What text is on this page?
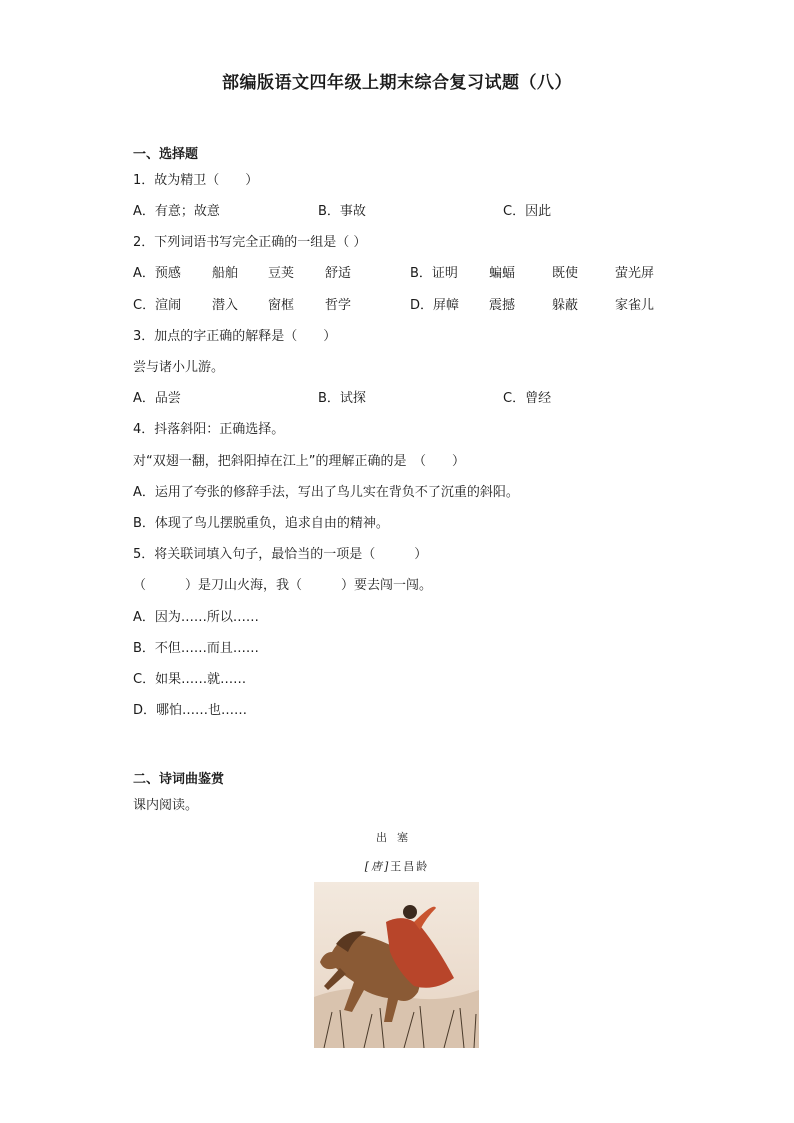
部编版语文四年级上期末综合复习试题（八）
一、选择题
1．故为精卫（　　）
A．有意；故意	B．事故	C．因此
2．下列词语书写完全正确的一组是（ ）
A．预感 船舶 豆荚 舒适	B．证明 蝙蝠	既使	萤光屏
C．渲闹 潜入 窗框 哲学	D．屏幛 震撼	躲蔽	家雀儿
3．加点的字正确的解释是（　　）
尝与诸小儿游。
A．品尝	B．试探	C．曾经
4．抖落斜阳：正确选择。
对“双翅一翻，把斜阳掉在江上”的理解正确的是　（　　）
A．运用了夸张的修辞手法，写出了鸟儿实在背负不了沉重的斜阳。
B．体现了鸟儿摆脱重负，追求自由的精神。
5．将关联词填入句子，最恰当的一项是（　　　）
（　　　）是刀山火海，我（　　　）要去闯一闯。
A．因为……所以……
B．不但……而且……
C．如果……就……
D．哪怕……也……
二、诗词曲鉴赏
课内阅读。
出塞
[唐]王昌龄
